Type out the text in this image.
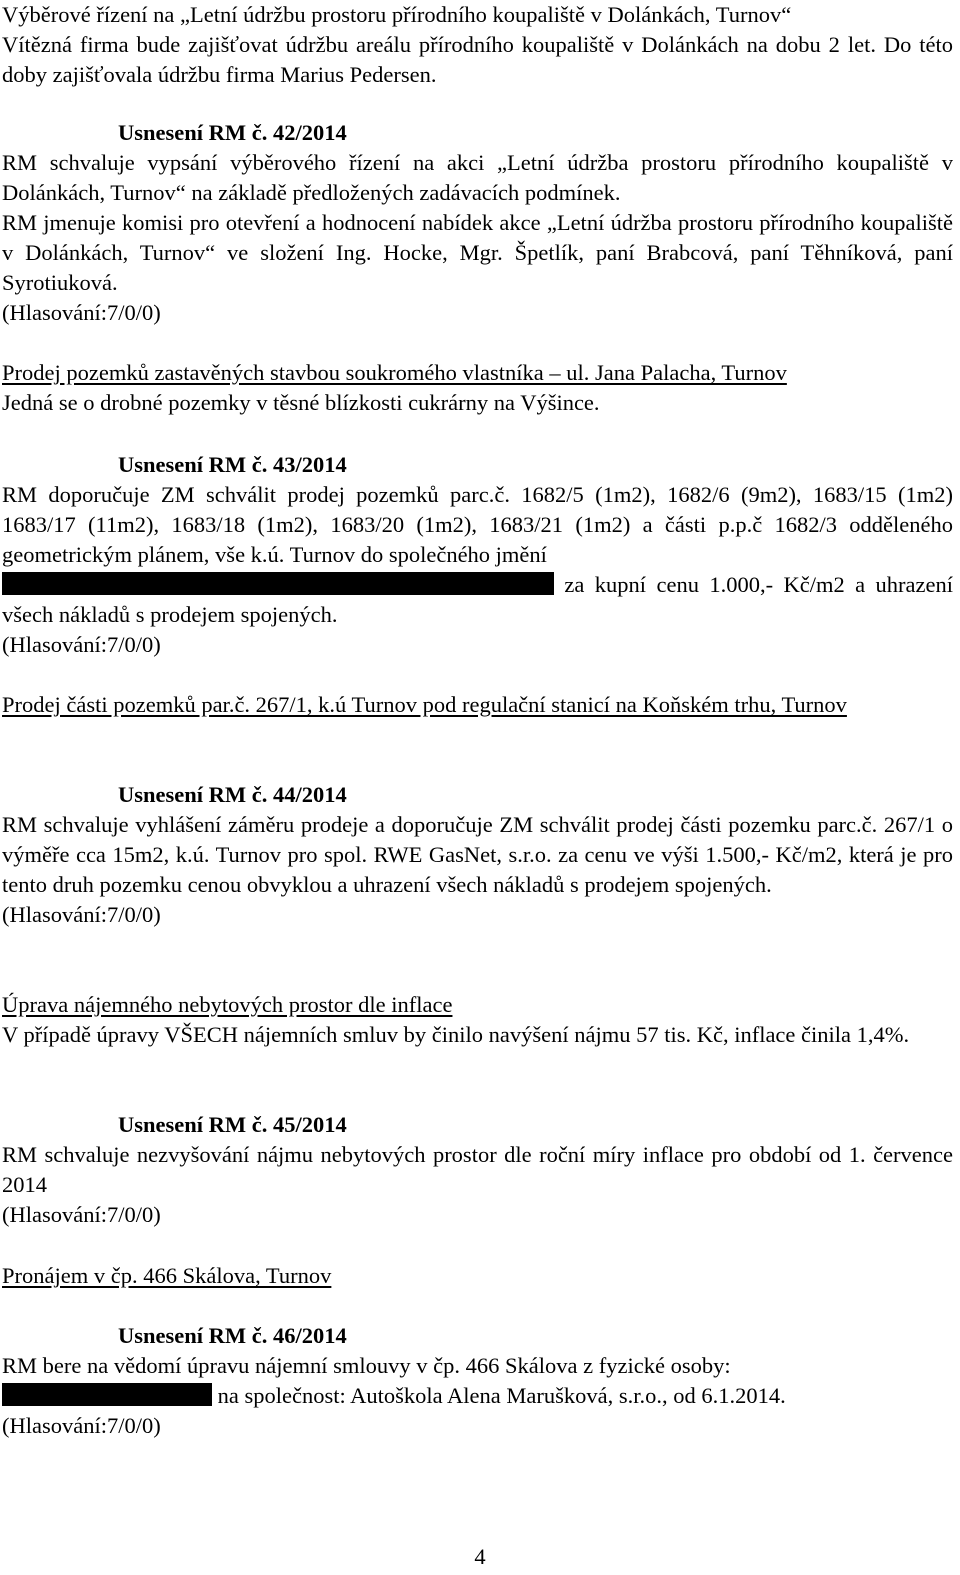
Výběrové řízení na „Letní údržbu prostoru přírodního koupaliště v Dolánkách, Turnov“

Vítězná firma bude zajišťovat údržbu areálu přírodního koupaliště v Dolánkách na dobu 2 let. Do této doby zajišťovala údržbu firma Marius Pedersen.

Usnesení RM č. 42/2014

RM schvaluje vypsání výběrového řízení na akci „Letní údržba prostoru přírodního koupaliště v Dolánkách, Turnov“ na základě předložených zadávacích podmínek.

RM jmenuje komisi pro otevření a hodnocení nabídek akce „Letní údržba prostoru přírodního koupaliště v Dolánkách, Turnov“ ve složení Ing. Hocke, Mgr. Špetlík, paní Brabcová, paní Těhníková, paní Syrotiuková.

(Hlasování:7/0/0)

Prodej pozemků zastavěných stavbou soukromého vlastníka – ul. Jana Palacha, Turnov

Jedná se o drobné pozemky v těsné blízkosti cukrárny na Výšince.

Usnesení RM č. 43/2014

RM doporučuje ZM schválit prodej pozemků parc.č. 1682/5 (1m2), 1682/6 (9m2), 1683/15 (1m2) 1683/17 (11m2), 1683/18 (1m2), 1683/20 (1m2), 1683/21 (1m2) a části p.p.č 1682/3 odděleného geometrickým plánem, vše k.ú. Turnov do společného jmění

za kupní cenu 1.000,- Kč/m2 a uhrazení všech nákladů s prodejem spojených.

(Hlasování:7/0/0)

Prodej části pozemků par.č. 267/1, k.ú Turnov pod regulační stanicí na Koňském trhu, Turnov

Usnesení RM č. 44/2014

RM schvaluje vyhlášení záměru prodeje a doporučuje ZM schválit prodej části pozemku parc.č. 267/1 o výměře cca 15m2, k.ú. Turnov pro spol. RWE GasNet, s.r.o. za cenu ve výši 1.500,- Kč/m2, která je pro tento druh pozemku cenou obvyklou a uhrazení všech nákladů s prodejem spojených.

(Hlasování:7/0/0)

Úprava nájemného nebytových prostor dle inflace

V případě úpravy VŠECH nájemních smluv by činilo navýšení nájmu 57 tis. Kč, inflace činila 1,4%.

Usnesení RM č. 45/2014

RM schvaluje nezvyšování nájmu nebytových prostor dle roční míry inflace pro období od 1. července 2014

(Hlasování:7/0/0)

Pronájem v čp. 466 Skálova, Turnov

Usnesení RM č. 46/2014

RM bere na vědomí úpravu nájemní smlouvy v čp. 466 Skálova z fyzické osoby:

na společnost: Autoškola Alena Marušková, s.r.o., od 6.1.2014.

(Hlasování:7/0/0)

4
